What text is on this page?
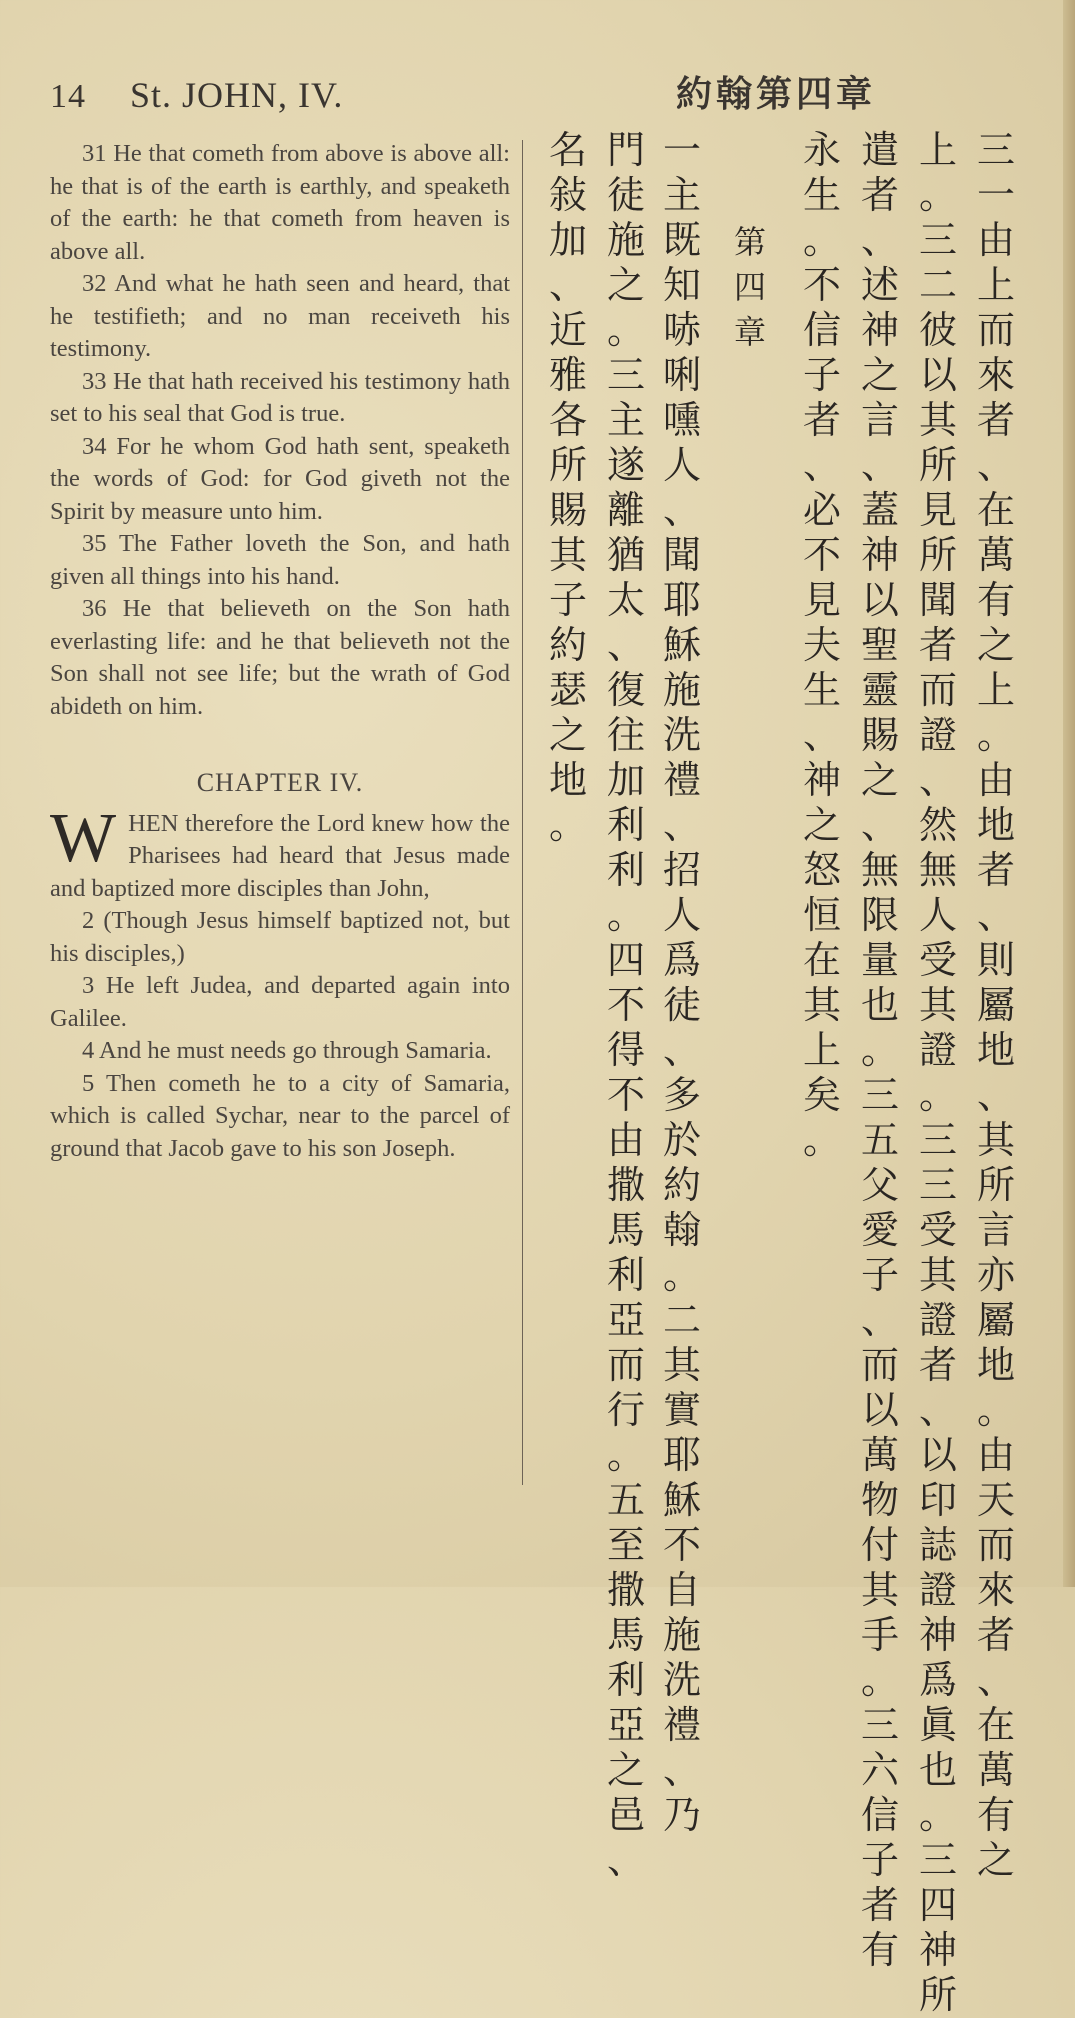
14 St. JOHN, IV.	約翰第四章

31 He that cometh from above is above all: he that is of the earth is earthly, and speaketh of the earth: he that cometh from heaven is above all.

32 And what he hath seen and heard, that he testifieth; and no man receiveth his testimony.

33 He that hath received his testimony hath set to his seal that God is true.

34 For he whom God hath sent, speaketh the words of God: for God giveth not the Spirit by measure unto him.

35 The Father loveth the Son, and hath given all things into his hand.

36 He that believeth on the Son hath everlasting life: and he that believeth not the Son shall not see life; but the wrath of God abideth on him.

CHAPTER IV.

WHEN therefore the Lord knew how the Pharisees had heard that Jesus made and baptized more disciples than John,

2 (Though Jesus himself baptized not, but his disciples,)

3 He left Judea, and departed again into Galilee.

4 And he must needs go through Samaria.

5 Then cometh he to a city of Samaria, which is called Sychar, near to the parcel of ground that Jacob gave to his son Joseph.

三
一
由
上
而
來
者
、
在
萬
有
之
上
。
由
地
者
、
則
屬
地
、
其
所
言
亦
屬
地
。
由
天
而
來
者
、
在
萬
有
之
上
。
三
二
彼
以
其
所
見
所
聞
者
而
證
、
然
無
人
受
其
證
。
三
三
受
其
證
者
、
以
印
誌
證
神
爲
眞
也
。
三
四
神
所
遣
者
、
述
神
之
言
、
蓋
神
以
聖
靈
賜
之
、
無
限
量
也
。
三
五
父
愛
子
、
而
以
萬
物
付
其
手
。
三
六
信
子
者
有
永
生
。
不
信
子
者
、
必
不
見
夫
生
、
神
之
怒
恒
在
其
上
矣
。
第
四
章
一
主
既
知
哧
唎
嚑
人
、
聞
耶
穌
施
洗
禮
、
招
人
爲
徒
、
多
於
約
翰
。
二
其
實
耶
穌
不
自
施
洗
禮
、
乃
門
徒
施
之
。
三
主
遂
離
猶
太
、
復
往
加
利
利
。
四
不
得
不
由
撒
馬
利
亞
而
行
。
五
至
撒
馬
利
亞
之
邑
、
名
敍
加
、
近
雅
各
所
賜
其
子
約
瑟
之
地
。
